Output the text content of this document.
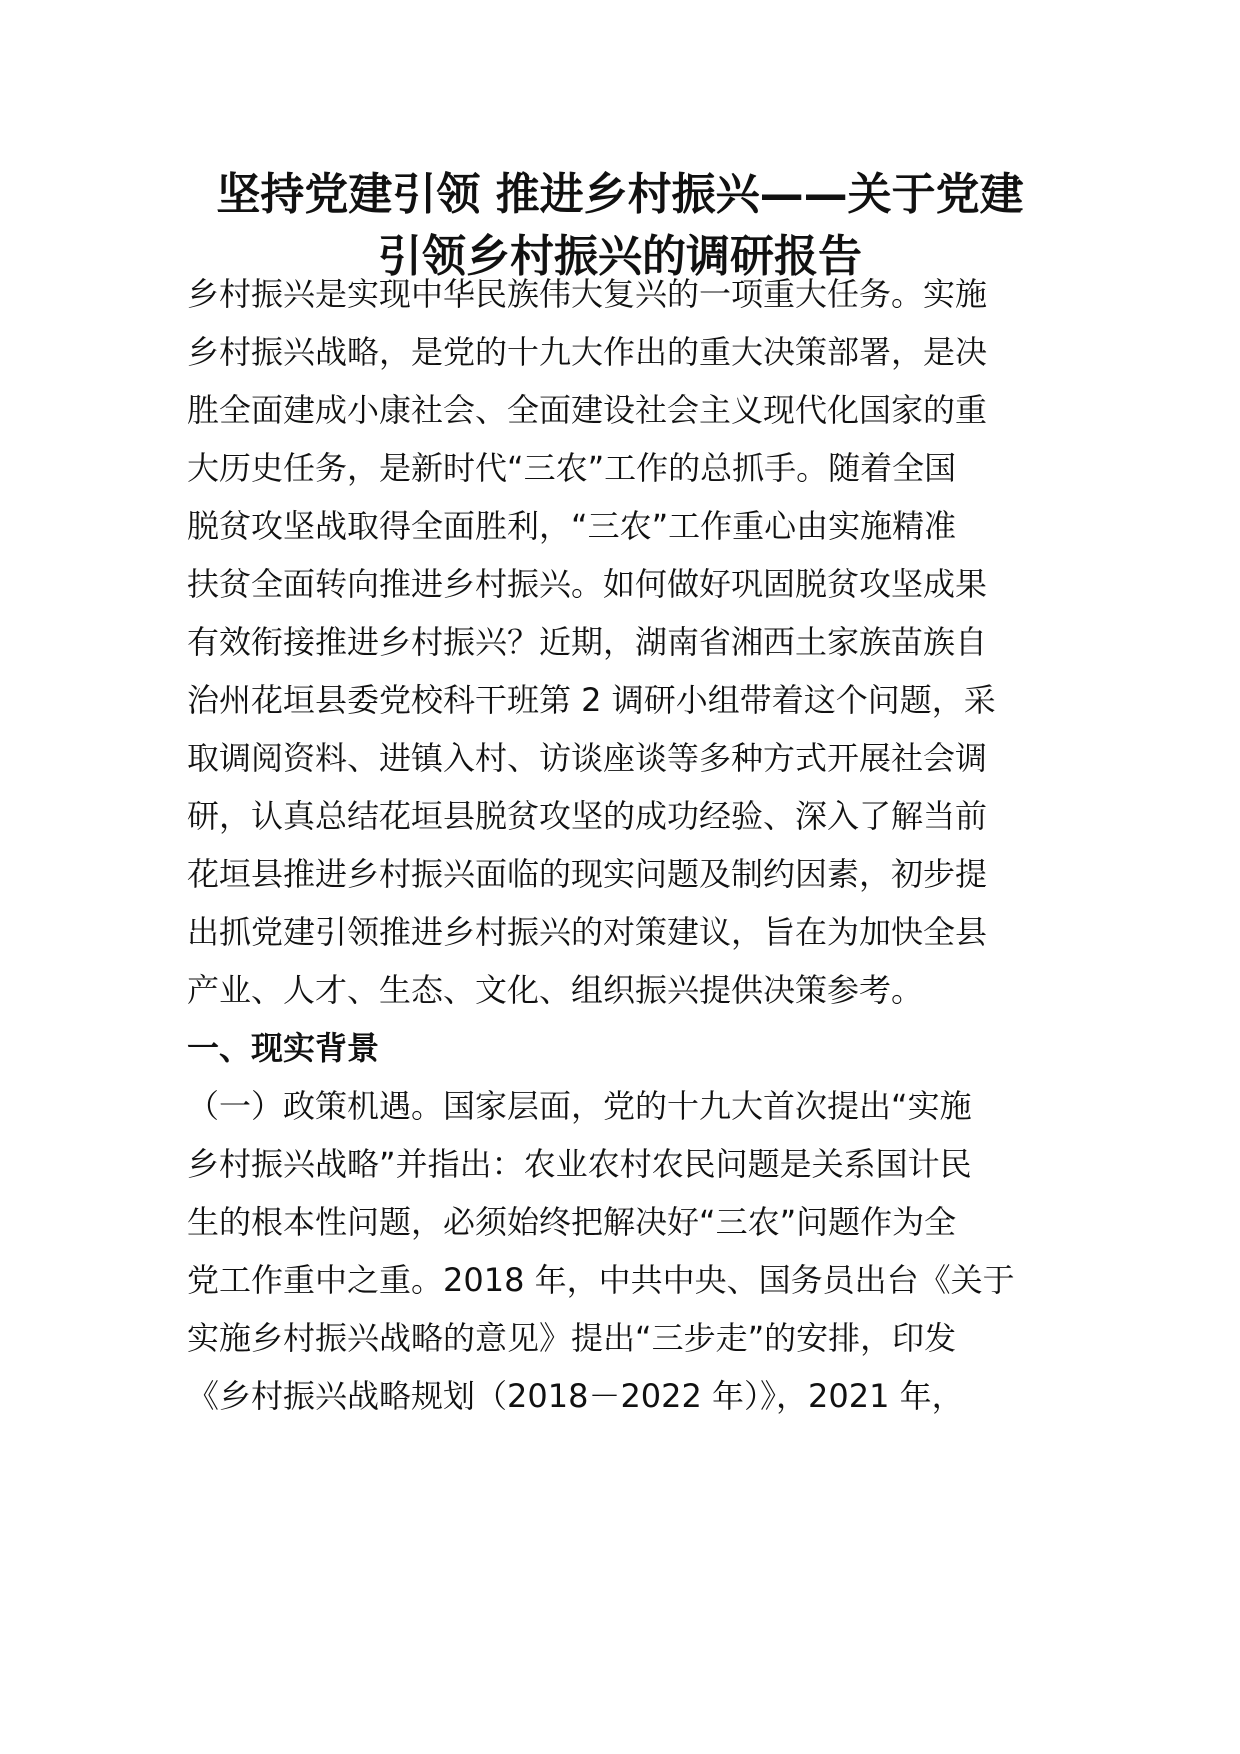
坚持党建引领 推进乡村振兴——关于党建
引领乡村振兴的调研报告
乡村振兴是实现中华民族伟大复兴的一项重大任务。实施
乡村振兴战略，是党的十九大作出的重大决策部署，是决
胜全面建成小康社会、全面建设社会主义现代化国家的重
大历史任务，是新时代“三农”工作的总抓手。随着全国
脱贫攻坚战取得全面胜利，“三农”工作重心由实施精准
扶贫全面转向推进乡村振兴。如何做好巩固脱贫攻坚成果
有效衔接推进乡村振兴？近期，湖南省湘西土家族苗族自
治州花垣县委党校科干班第 2 调研小组带着这个问题，采
取调阅资料、进镇入村、访谈座谈等多种方式开展社会调
研，认真总结花垣县脱贫攻坚的成功经验、深入了解当前
花垣县推进乡村振兴面临的现实问题及制约因素，初步提
出抓党建引领推进乡村振兴的对策建议，旨在为加快全县
产业、人才、生态、文化、组织振兴提供决策参考。
一、现实背景
（一）政策机遇。国家层面，党的十九大首次提出“实施
乡村振兴战略”并指出：农业农村农民问题是关系国计民
生的根本性问题，必须始终把解决好“三农”问题作为全
党工作重中之重。2018 年，中共中央、国务员出台《关于
实施乡村振兴战略的意见》提出“三步走”的安排，印发
《乡村振兴战略规划（2018－2022 年）》，2021 年，
